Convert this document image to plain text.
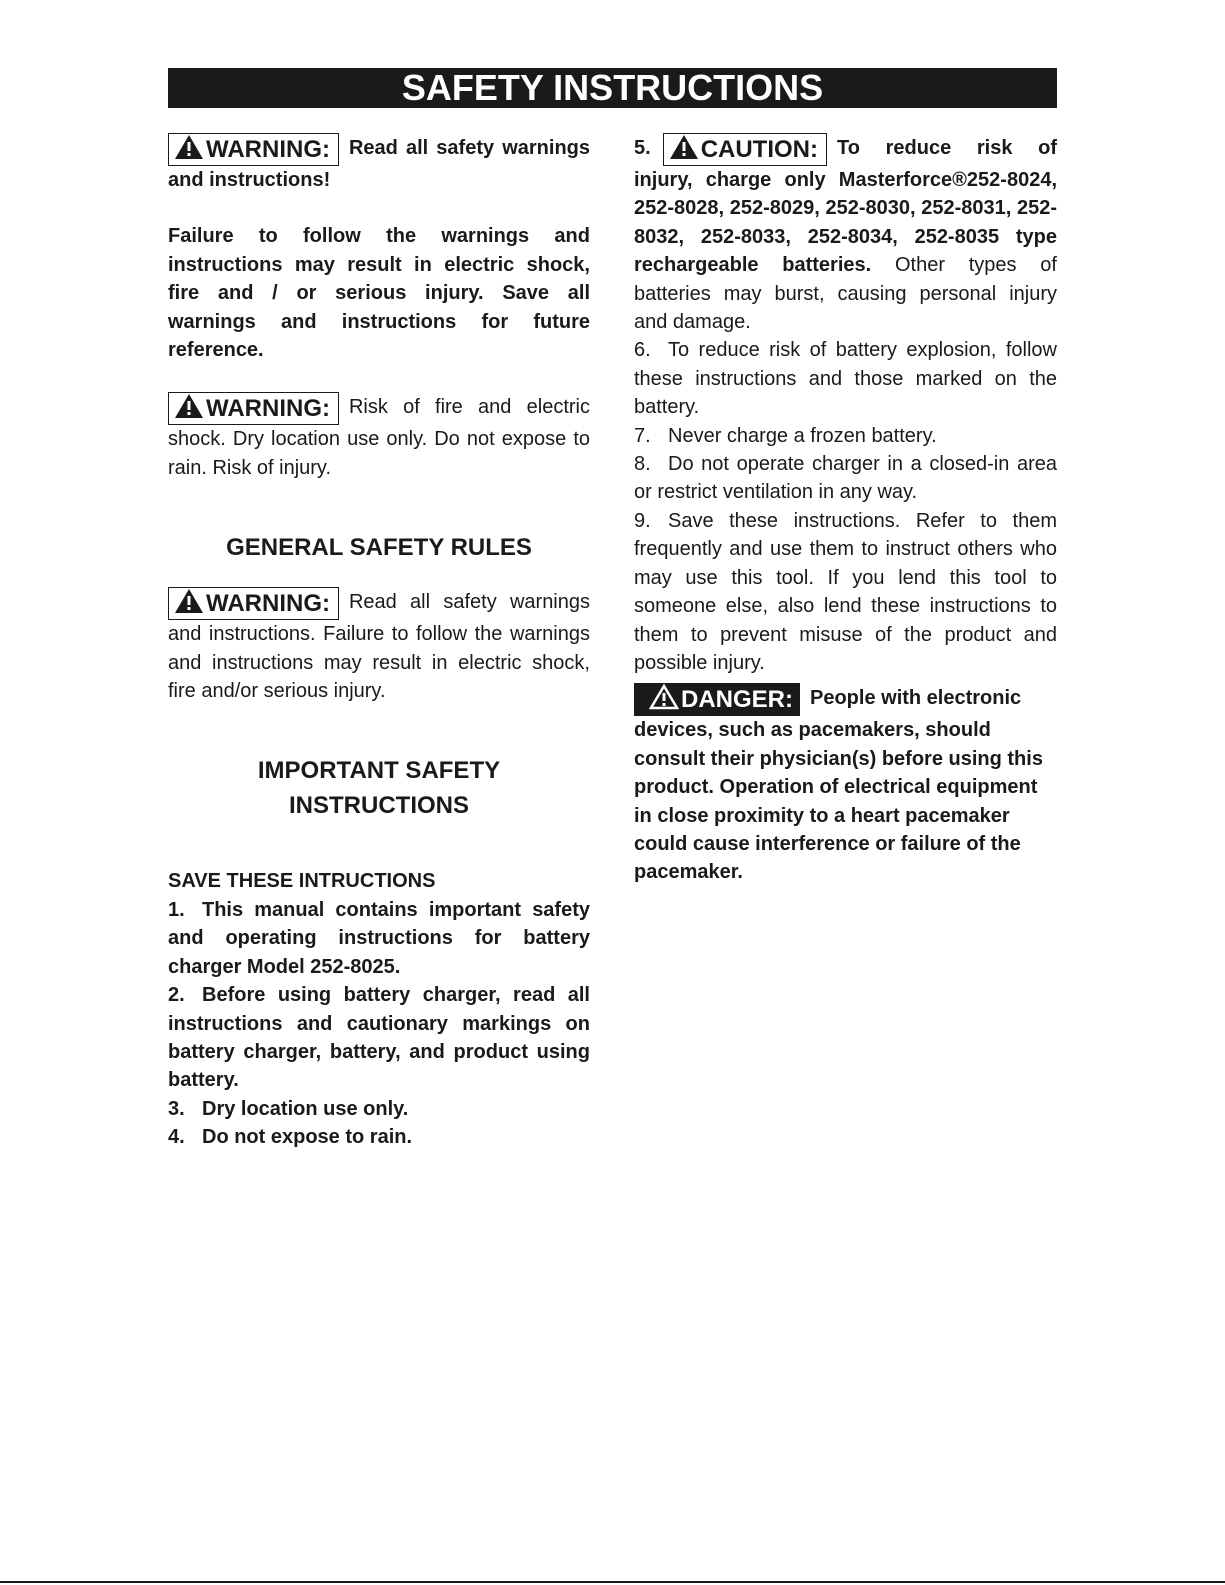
SAFETY INSTRUCTIONS

WARNING: Read all safety warnings and instructions!

Failure to follow the warnings and instructions may result in electric shock, fire and / or serious injury. Save all warnings and instructions for future reference.

WARNING: Risk of fire and electric shock. Dry location use only. Do not expose to rain. Risk of injury.

GENERAL SAFETY RULES

WARNING: Read all safety warnings and instructions. Failure to follow the warnings and instructions may result in electric shock, fire and/or serious injury.

IMPORTANT SAFETY
INSTRUCTIONS

SAVE THESE INTRUCTIONS

1. This manual contains important safety and operating instructions for battery charger Model 252-8025.

2. Before using battery charger, read all instructions and cautionary markings on battery charger, battery, and product using battery.

3. Dry location use only.

4. Do not expose to rain.

5. CAUTION: To reduce risk of injury, charge only Masterforce®252-8024, 252-8028, 252-8029, 252-8030, 252-8031, 252-8032, 252-8033, 252-8034, 252-8035 type rechargeable batteries. Other types of batteries may burst, causing personal injury and damage.

6. To reduce risk of battery explosion, follow these instructions and those marked on the battery.

7. Never charge a frozen battery.

8. Do not operate charger in a closed-in area or restrict ventilation in any way.

9. Save these instructions. Refer to them frequently and use them to instruct others who may use this tool. If you lend this tool to someone else, also lend these instructions to them to prevent misuse of the product and possible injury.

DANGER: People with electronic devices, such as pacemakers, should consult their physician(s) before using this product. Operation of electrical equipment in close proximity to a heart pacemaker could cause interference or failure of the pacemaker.
